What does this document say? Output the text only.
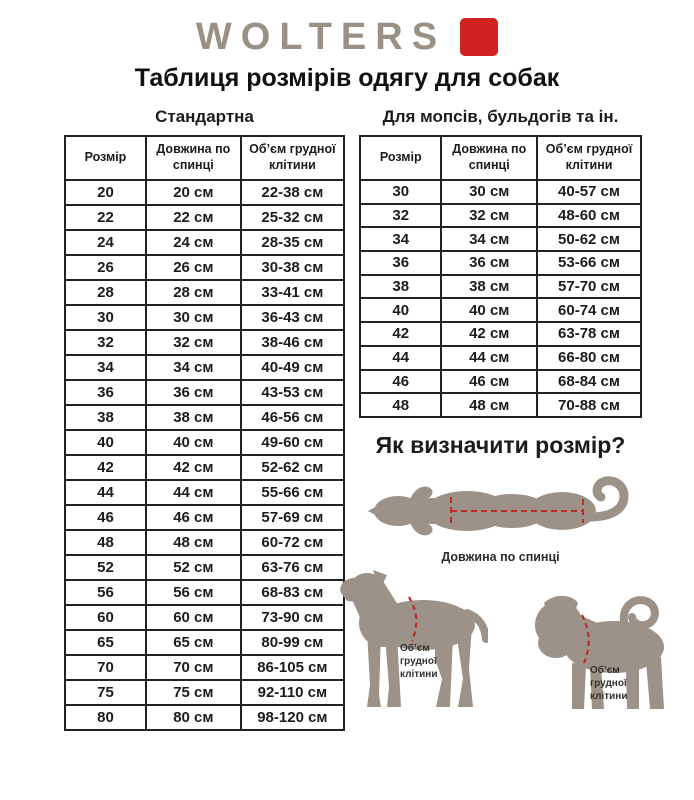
WOLTERS
Таблиця розмірів одягу для собак
Стандартна
Розмір	Довжина по спинці	Об’єм грудної клітини
20	20 см	22-38 см
22	22 см	25-32 см
24	24 см	28-35 см
26	26 см	30-38 см
28	28 см	33-41 см
30	30 см	36-43 см
32	32 см	38-46 см
34	34 см	40-49 см
36	36 см	43-53 см
38	38 см	46-56 см
40	40 см	49-60 см
42	42 см	52-62 см
44	44 см	55-66 см
46	46 см	57-69 см
48	48 см	60-72 см
52	52 см	63-76 см
56	56 см	68-83 см
60	60 см	73-90 см
65	65 см	80-99 см
70	70 см	86-105 см
75	75 см	92-110 см
80	80 см	98-120 см
Для мопсів, бульдогів та ін.
Розмір	Довжина по спинці	Об’єм грудної клітини
30	30 см	40-57 см
32	32 см	48-60 см
34	34 см	50-62 см
36	36 см	53-66 см
38	38 см	57-70 см
40	40 см	60-74 см
42	42 см	63-78 см
44	44 см	66-80 см
46	46 см	68-84 см
48	48 см	70-88 см
Як визначити розмір?
Довжина по спинці
Об’єм
грудної
клітини	Об’єм
грудної
клітини
